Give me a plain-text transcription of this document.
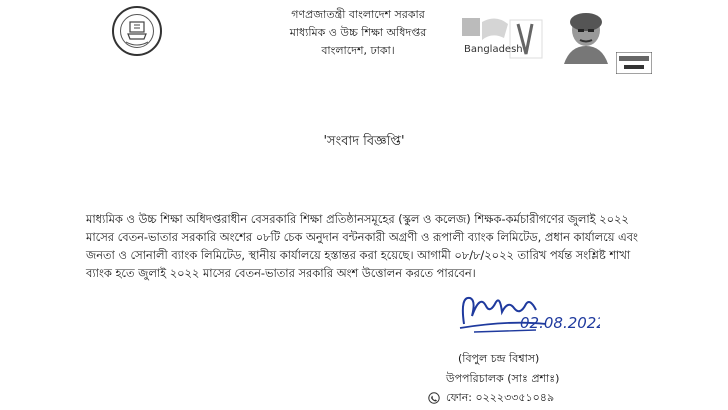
গণপ্রজাতন্ত্রী বাংলাদেশ সরকার
মাধ্যমিক ও উচ্চ শিক্ষা অধিদপ্তর
বাংলাদেশ, ঢাকা।	Bangladesh
'সংবাদ বিজ্ঞপ্তি'
মাধ্যমিক ও উচ্চ শিক্ষা অধিদপ্তরাধীন বেসরকারি শিক্ষা প্রতিষ্ঠানসমূহের (স্কুল ও কলেজ) শিক্ষক-কর্মচারীগণের জুলাই ২০২২
মাসের বেতন-ভাতার সরকারি অংশের ০৮টি চেক অনুদান বন্টনকারী অগ্রণী ও রূপালী ব্যাংক লিমিটেড, প্রধান কার্যালয়ে এবং
জনতা ও সোনালী ব্যাংক লিমিটেড, স্থানীয় কার্যালয়ে হস্তান্তর করা হয়েছে। আগামী ০৮/৮/২০২২ তারিখ পর্যন্ত সংশ্লিষ্ট শাখা
ব্যাংক হতে জুলাই ২০২২ মাসের বেতন-ভাতার সরকারি অংশ উত্তোলন করতে পারবেন।
02.08.2022
(বিপুল চন্দ্র বিশ্বাস)
উপপরিচালক (সাঃ প্রশাঃ)
ফোন: ০২২২৩৩৫১০৪৯
